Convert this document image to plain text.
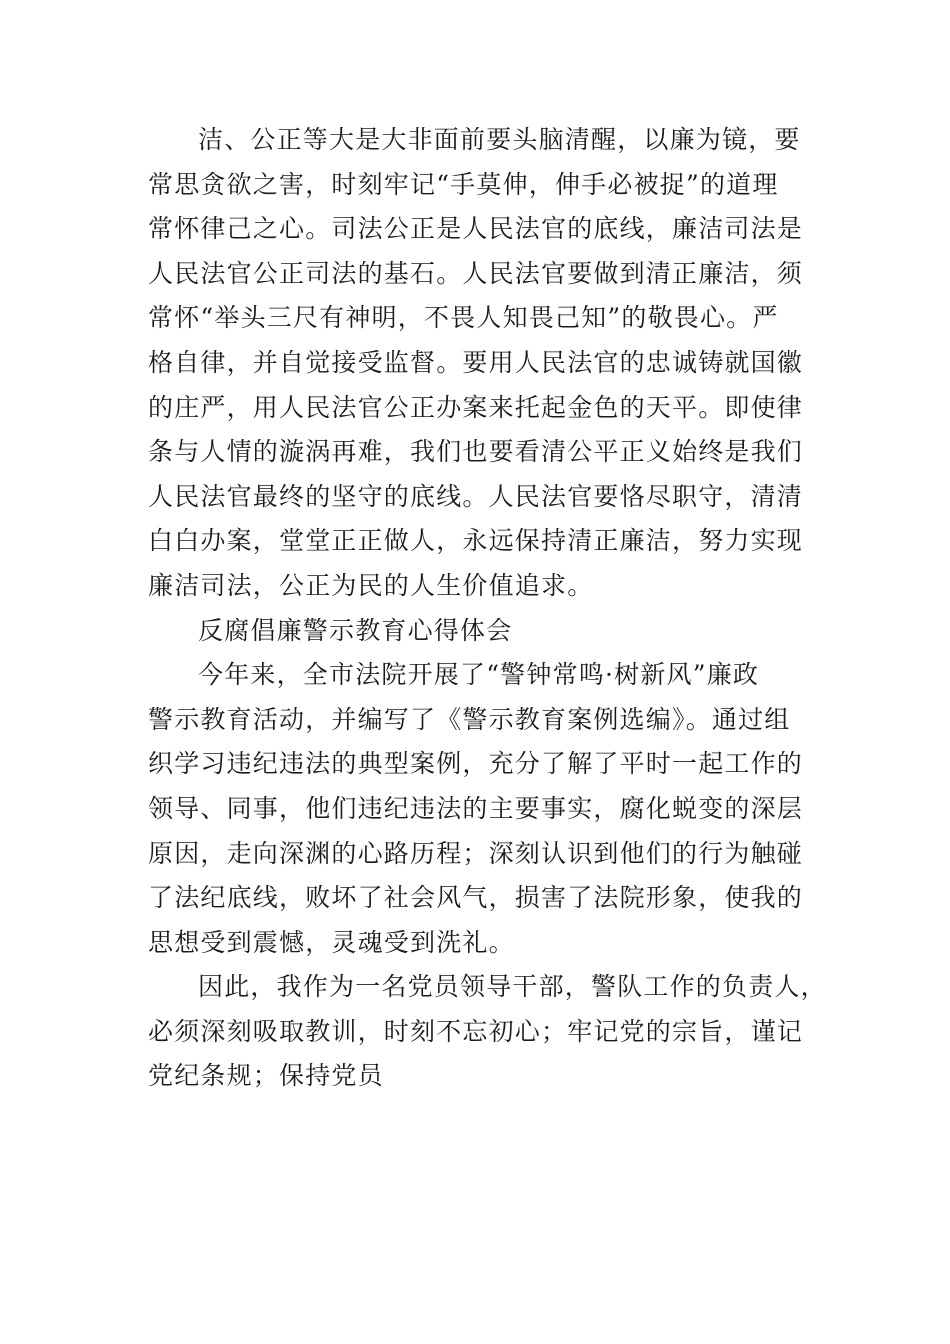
洁、公正等大是大非面前要头脑清醒，以廉为镜，要
常思贪欲之害，时刻牢记“手莫伸，伸手必被捉”的道理
常怀律己之心。司法公正是人民法官的底线，廉洁司法是
人民法官公正司法的基石。人民法官要做到清正廉洁，须
常怀“举头三尺有神明，不畏人知畏己知”的敬畏心。严
格自律，并自觉接受监督。要用人民法官的忠诚铸就国徽
的庄严，用人民法官公正办案来托起金色的天平。即使律
条与人情的漩涡再难，我们也要看清公平正义始终是我们
人民法官最终的坚守的底线。人民法官要恪尽职守，清清
白白办案，堂堂正正做人，永远保持清正廉洁，努力实现
廉洁司法，公正为民的人生价值追求。
反腐倡廉警示教育心得体会
今年来，全市法院开展了“警钟常鸣·树新风”廉政
警示教育活动，并编写了《警示教育案例选编》。通过组
织学习违纪违法的典型案例，充分了解了平时一起工作的
领导、同事，他们违纪违法的主要事实，腐化蜕变的深层
原因，走向深渊的心路历程；深刻认识到他们的行为触碰
了法纪底线，败坏了社会风气，损害了法院形象，使我的
思想受到震憾，灵魂受到洗礼。
因此，我作为一名党员领导干部，警队工作的负责人，
必须深刻吸取教训，时刻不忘初心；牢记党的宗旨，谨记
党纪条规；保持党员
